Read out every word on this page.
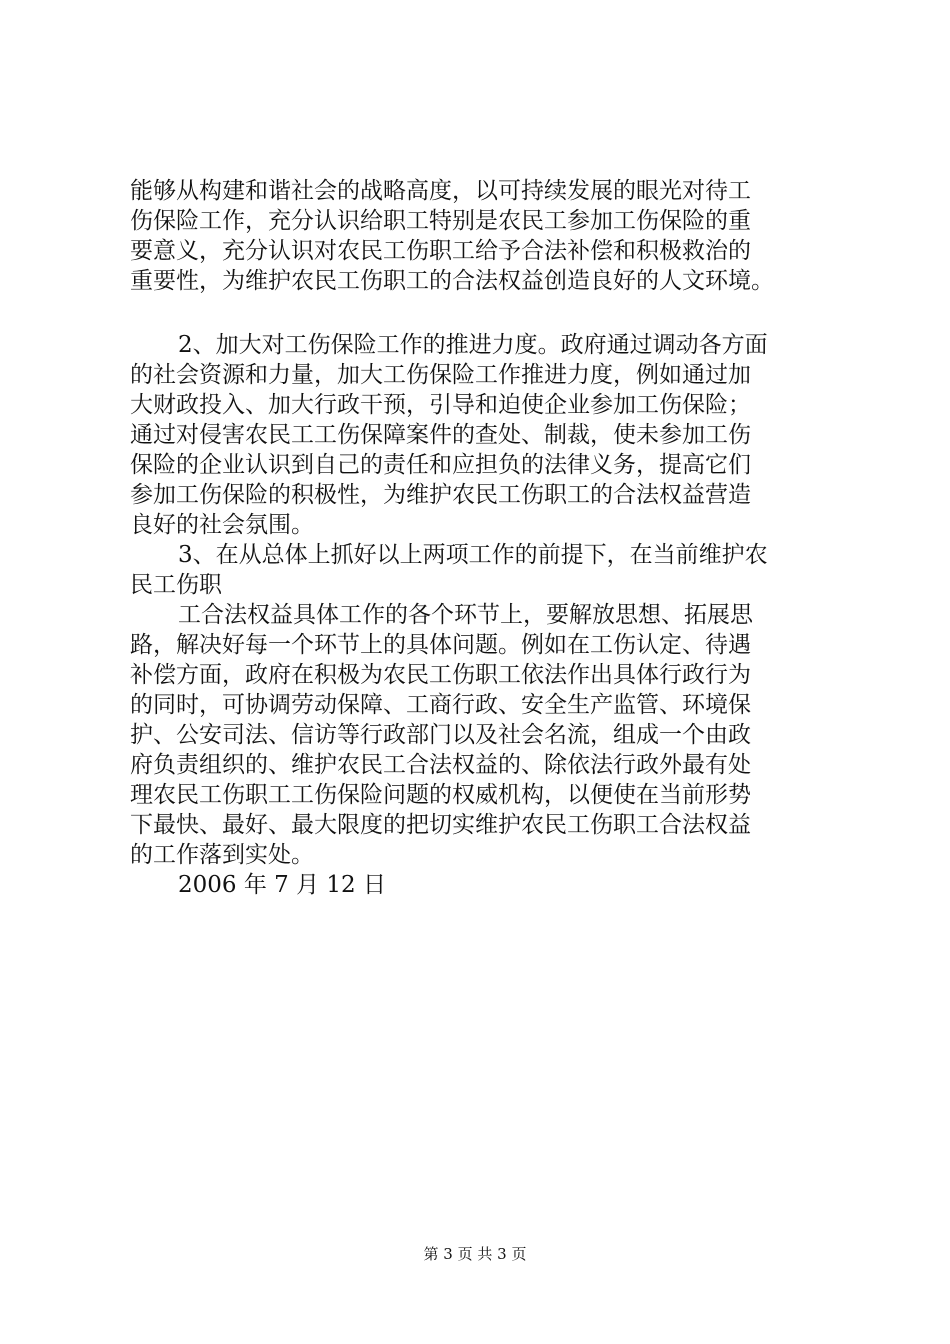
能够从构建和谐社会的战略高度，以可持续发展的眼光对待工
伤保险工作，充分认识给职工特别是农民工参加工伤保险的重
要意义，充分认识对农民工伤职工给予合法补偿和积极救治的
重要性，为维护农民工伤职工的合法权益创造良好的人文环境。
2、加大对工伤保险工作的推进力度。政府通过调动各方面
的社会资源和力量，加大工伤保险工作推进力度，例如通过加
大财政投入、加大行政干预，引导和迫使企业参加工伤保险；
通过对侵害农民工工伤保障案件的查处、制裁，使未参加工伤
保险的企业认识到自己的责任和应担负的法律义务，提高它们
参加工伤保险的积极性，为维护农民工伤职工的合法权益营造
良好的社会氛围。
3、在从总体上抓好以上两项工作的前提下，在当前维护农
民工伤职
工合法权益具体工作的各个环节上，要解放思想、拓展思
路，解决好每一个环节上的具体问题。例如在工伤认定、待遇
补偿方面，政府在积极为农民工伤职工依法作出具体行政行为
的同时，可协调劳动保障、工商行政、安全生产监管、环境保
护、公安司法、信访等行政部门以及社会名流，组成一个由政
府负责组织的、维护农民工合法权益的、除依法行政外最有处
理农民工伤职工工伤保险问题的权威机构，以便使在当前形势
下最快、最好、最大限度的把切实维护农民工伤职工合法权益
的工作落到实处。
2006 年 7 月 12 日
第 3 页 共 3 页
